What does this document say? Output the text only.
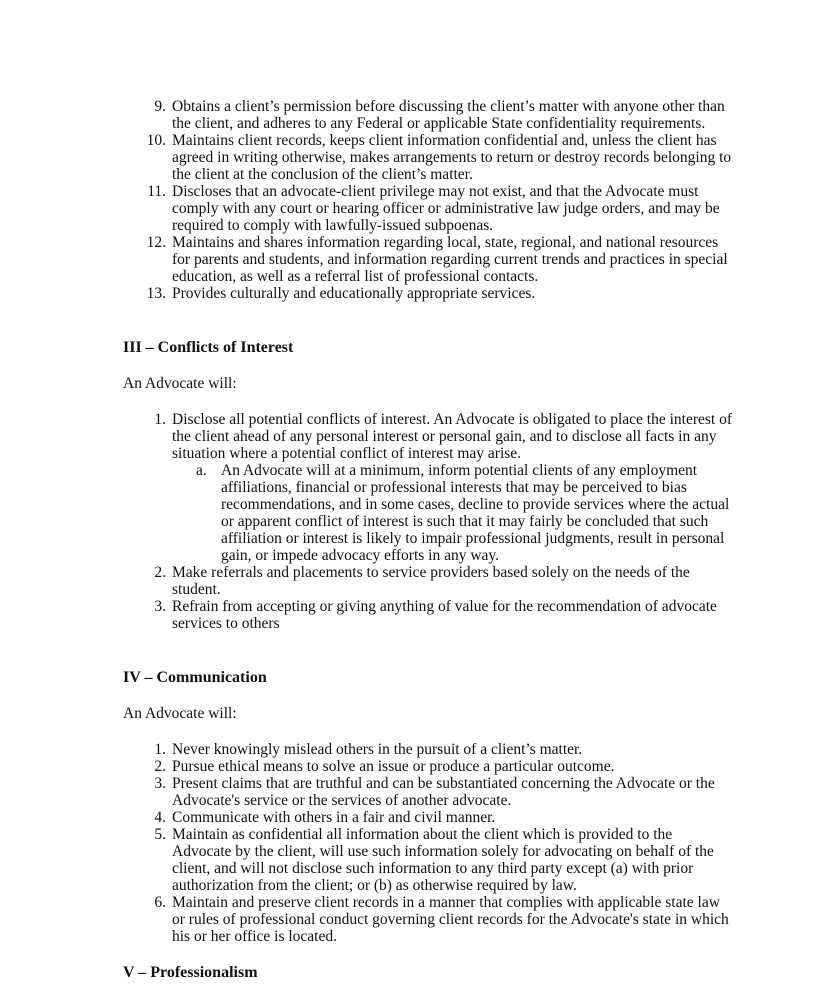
9. Obtains a client’s permission before discussing the client’s matter with anyone other than the client, and adheres to any Federal or applicable State confidentiality requirements.
10. Maintains client records, keeps client information confidential and, unless the client has agreed in writing otherwise, makes arrangements to return or destroy records belonging to the client at the conclusion of the client’s matter.
11. Discloses that an advocate-client privilege may not exist, and that the Advocate must comply with any court or hearing officer or administrative law judge orders, and may be required to comply with lawfully-issued subpoenas.
12. Maintains and shares information regarding local, state, regional, and national resources for parents and students, and information regarding current trends and practices in special education, as well as a referral list of professional contacts.
13. Provides culturally and educationally appropriate services.
III – Conflicts of Interest
An Advocate will:
1. Disclose all potential conflicts of interest. An Advocate is obligated to place the interest of the client ahead of any personal interest or personal gain, and to disclose all facts in any situation where a potential conflict of interest may arise.
a. An Advocate will at a minimum, inform potential clients of any employment affiliations, financial or professional interests that may be perceived to bias recommendations, and in some cases, decline to provide services where the actual or apparent conflict of interest is such that it may fairly be concluded that such affiliation or interest is likely to impair professional judgments, result in personal gain, or impede advocacy efforts in any way.
2. Make referrals and placements to service providers based solely on the needs of the student.
3. Refrain from accepting or giving anything of value for the recommendation of advocate services to others
IV – Communication
An Advocate will:
1. Never knowingly mislead others in the pursuit of a client’s matter.
2. Pursue ethical means to solve an issue or produce a particular outcome.
3. Present claims that are truthful and can be substantiated concerning the Advocate or the Advocate's service or the services of another advocate.
4. Communicate with others in a fair and civil manner.
5. Maintain as confidential all information about the client which is provided to the Advocate by the client, will use such information solely for advocating on behalf of the client, and will not disclose such information to any third party except (a) with prior authorization from the client; or (b) as otherwise required by law.
6. Maintain and preserve client records in a manner that complies with applicable state law or rules of professional conduct governing client records for the Advocate's state in which his or her office is located.
V – Professionalism
